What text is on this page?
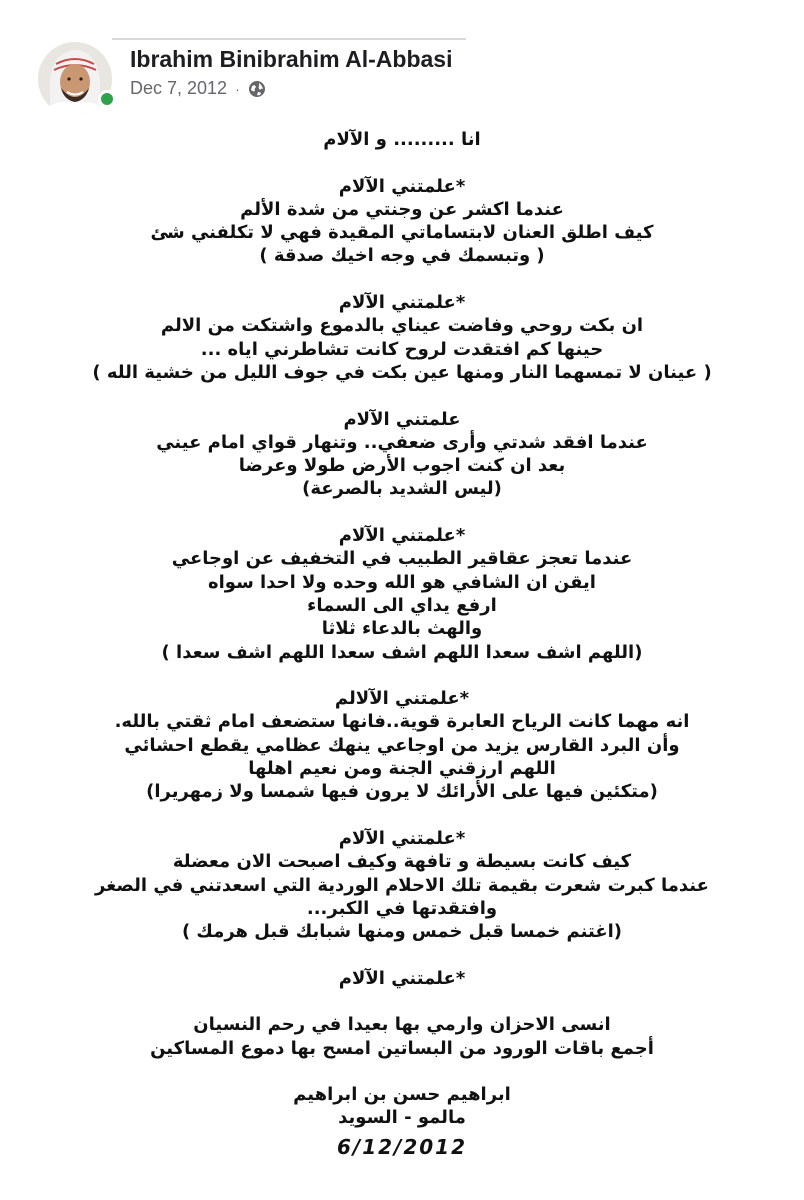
Ibrahim Binibrahim Al-Abbasi
Dec 7, 2012 ·
انا ......... و الآلام
*علمتني الآلام
عندما اكشر عن وجنتي من شدة الألم
كيف اطلق العنان لابتساماتي المقيدة فهي لا تكلفني شئ
( وتبسمك في وجه اخيك صدقة )
*علمتني الآلام
ان بكت روحي وفاضت عيناي بالدموع واشتكت من الالم
حينها كم افتقدت لروح كانت تشاطرني اياه ...
( عينان لا تمسهما النار ومنها عين بكت في جوف الليل من خشية الله )
علمتني الآلام
عندما افقد شدتي وأرى ضعفي.. وتنهار قواي امام عيني
بعد ان كنت اجوب الأرض طولا وعرضا
(ليس الشديد بالصرعة)
*علمتني الآلام
عندما تعجز عقاقير الطبيب في التخفيف عن اوجاعي
ايقن ان الشافي هو الله وحده ولا احدا سواه
ارفع يداي الى السماء
والهث بالدعاء ثلاثا
(اللهم اشف سعدا اللهم اشف سعدا اللهم اشف سعدا )
*علمتني الآلالم
انه مهما كانت الرياح العابرة قوية..فانها ستضعف امام ثقتي بالله.
وأن البرد القارس يزيد من اوجاعي ينهك عظامي يقطع احشائي
اللهم ارزقني الجنة ومن نعيم اهلها
(متكئين فيها على الأرائك لا يرون فيها شمسا ولا زمهريرا)
*علمتني الآلام
كيف كانت بسيطة و تافهة وكيف اصبحت الان معضلة
عندما كبرت شعرت بقيمة تلك الاحلام الوردية التي اسعدتني في الصغر
وافتقدتها في الكبر...
(اغتنم خمسا قبل خمس ومنها شبابك قبل هرمك )
*علمتني الآلام
انسى الاحزان وارمي بها بعيدا في رحم النسيان
أجمع باقات الورود من البساتين امسح بها دموع المساكين
ابراهيم حسن بن ابراهيم
مالمو - السويد
6/12/2012
